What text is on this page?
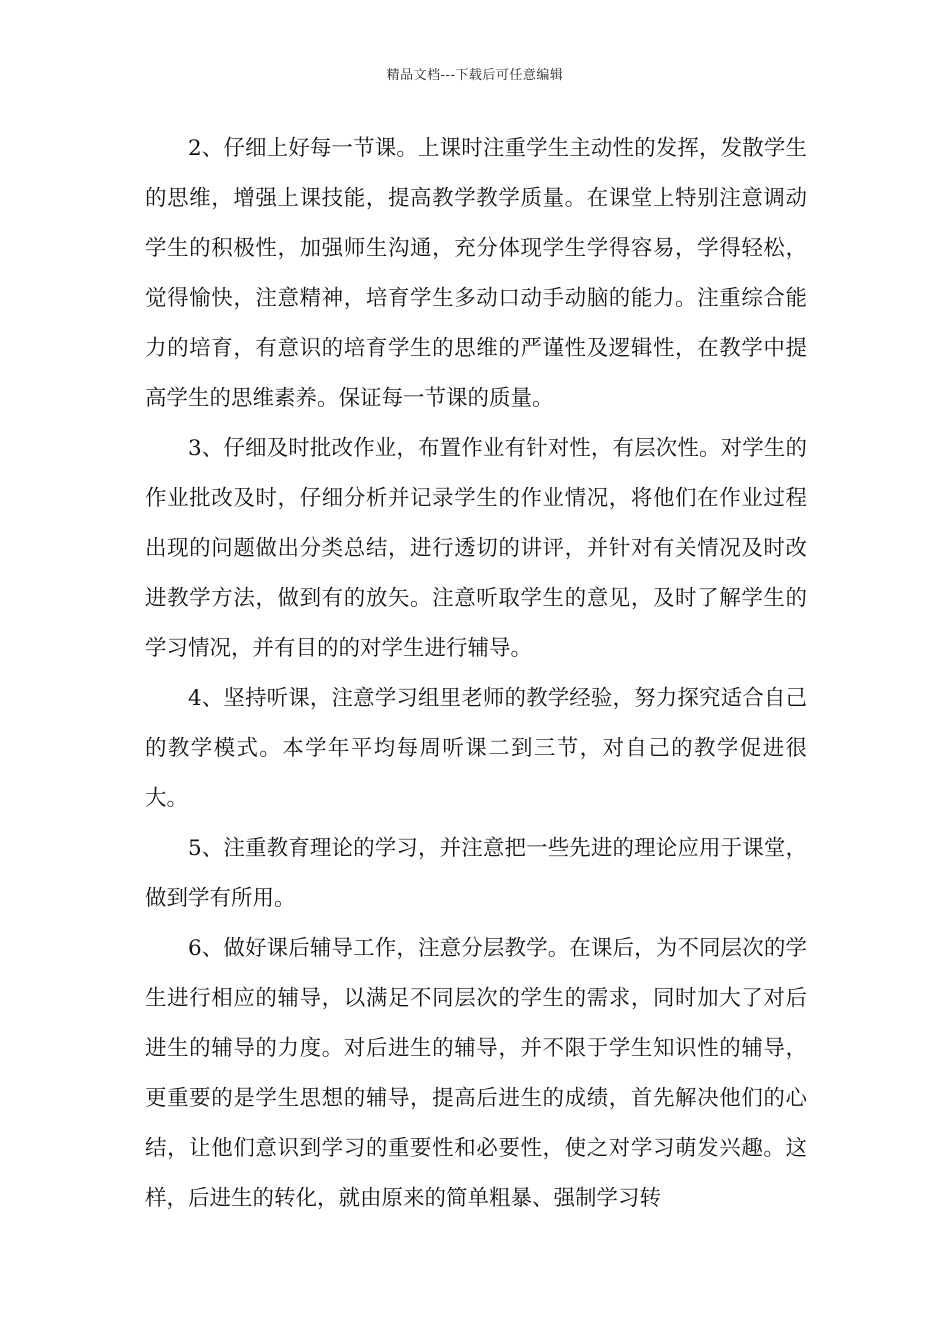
精品文档---下载后可任意编辑

2、仔细上好每一节课。上课时注重学生主动性的发挥，发散学生的思维，增强上课技能，提高教学教学质量。在课堂上特别注意调动学生的积极性，加强师生沟通，充分体现学生学得容易，学得轻松，觉得愉快，注意精神，培育学生多动口动手动脑的能力。注重综合能力的培育，有意识的培育学生的思维的严谨性及逻辑性，在教学中提高学生的思维素养。保证每一节课的质量。

3、仔细及时批改作业，布置作业有针对性，有层次性。对学生的作业批改及时，仔细分析并记录学生的作业情况，将他们在作业过程出现的问题做出分类总结，进行透切的讲评，并针对有关情况及时改进教学方法，做到有的放矢。注意听取学生的意见，及时了解学生的学习情况，并有目的的对学生进行辅导。

4、坚持听课，注意学习组里老师的教学经验，努力探究适合自己的教学模式。本学年平均每周听课二到三节，对自己的教学促进很大。

5、注重教育理论的学习，并注意把一些先进的理论应用于课堂，做到学有所用。

6、做好课后辅导工作，注意分层教学。在课后，为不同层次的学生进行相应的辅导，以满足不同层次的学生的需求，同时加大了对后进生的辅导的力度。对后进生的辅导，并不限于学生知识性的辅导，更重要的是学生思想的辅导，提高后进生的成绩，首先解决他们的心结，让他们意识到学习的重要性和必要性，使之对学习萌发兴趣。这样，后进生的转化，就由原来的简单粗暴、强制学习转
